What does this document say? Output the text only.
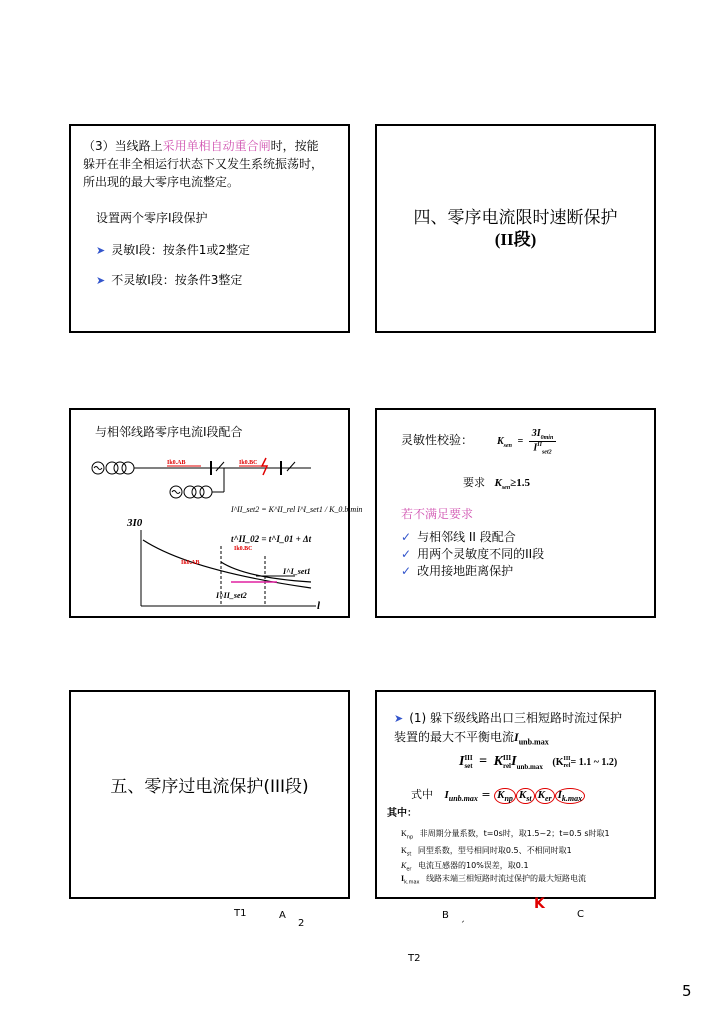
（3）当线路上采用单相自动重合闸时，按能
躲开在非全相运行状态下又发生系统振荡时，
所出现的最大零序电流整定。
设置两个零序I段保护
➤ 灵敏I段：按条件1或2整定
➤ 不灵敏I段：按条件3整定
四、零序电流限时速断保护
(II段)
与相邻线路零序电流I段配合
Ik0.AB	Ik0.BC
I^II_set2 = K^II_rel I^I_set1 / K_0.b min
3I0
l
t^II_02 = t^I_01 + Δt
Ik0.BC
Ik0.AB
I^I_set1
I^II_set2
灵敏性校验： $K_{sen} = \frac{3I_{0min}}{I^{II}_{set2}}$
要求 $K_{sen}\ge 1.5$
若不满足要求
✓ 与相邻线 II 段配合
✓ 用两个灵敏度不同的II段
✓ 改用接地距离保护
五、零序过电流保护(III段)
➤ (1) 躲下级线路出口三相短路时流过保护
装置的最大不平衡电流$I_{unb.max}$
I III
set = K III
rel $I_{unb.max}$ (K III
rel = 1.1 ~ 1.2)
式中 $I_{unb.max} = K_{np}$ $K_{st}$ $K_{er}$ $I_{k.max}$
其中：
$K_{np}$ 非周期分量系数，t=0s时，取1.5~2；t=0.5 s时取1
$K_{st}$ 同型系数，型号相同时取0.5、不相同时取1
$K_{er}$ 电流互感器的10%误差，取0.1
$I_{k.max}$ 线路末端三相短路时流过保护的最大短路电流
T1	A
2
B ˏ
K
C
T2
5
